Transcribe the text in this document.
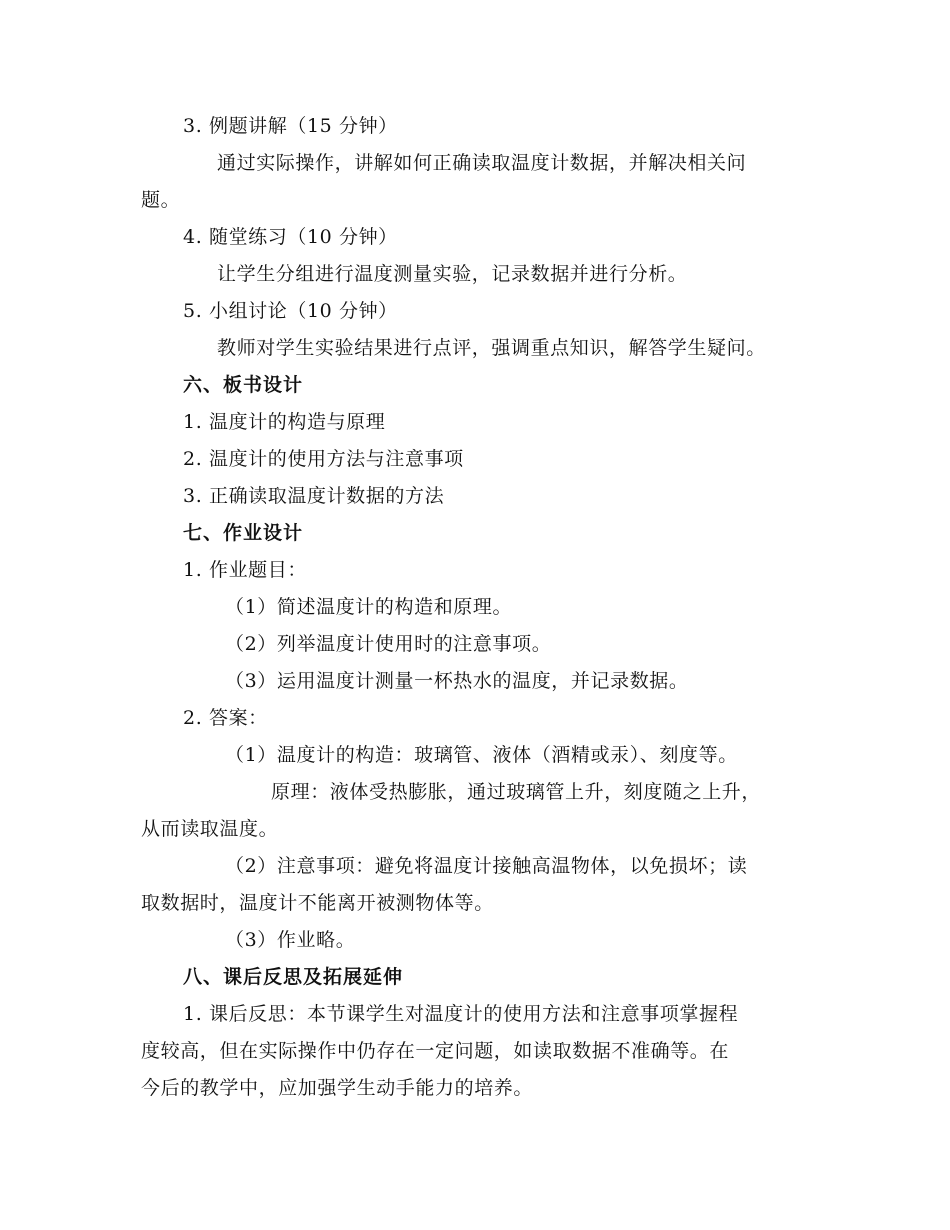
3. 例题讲解（15 分钟）
通过实际操作，讲解如何正确读取温度计数据，并解决相关问
题。
4. 随堂练习（10 分钟）
让学生分组进行温度测量实验，记录数据并进行分析。
5. 小组讨论（10 分钟）
教师对学生实验结果进行点评，强调重点知识，解答学生疑问。
六、板书设计
1. 温度计的构造与原理
2. 温度计的使用方法与注意事项
3. 正确读取温度计数据的方法
七、作业设计
1. 作业题目：
（1）简述温度计的构造和原理。
（2）列举温度计使用时的注意事项。
（3）运用温度计测量一杯热水的温度，并记录数据。
2. 答案：
（1）温度计的构造：玻璃管、液体（酒精或汞）、刻度等。
原理：液体受热膨胀，通过玻璃管上升，刻度随之上升，
从而读取温度。
（2）注意事项：避免将温度计接触高温物体，以免损坏；读
取数据时，温度计不能离开被测物体等。
（3）作业略。
八、课后反思及拓展延伸
1. 课后反思：本节课学生对温度计的使用方法和注意事项掌握程
度较高，但在实际操作中仍存在一定问题，如读取数据不准确等。在
今后的教学中，应加强学生动手能力的培养。
